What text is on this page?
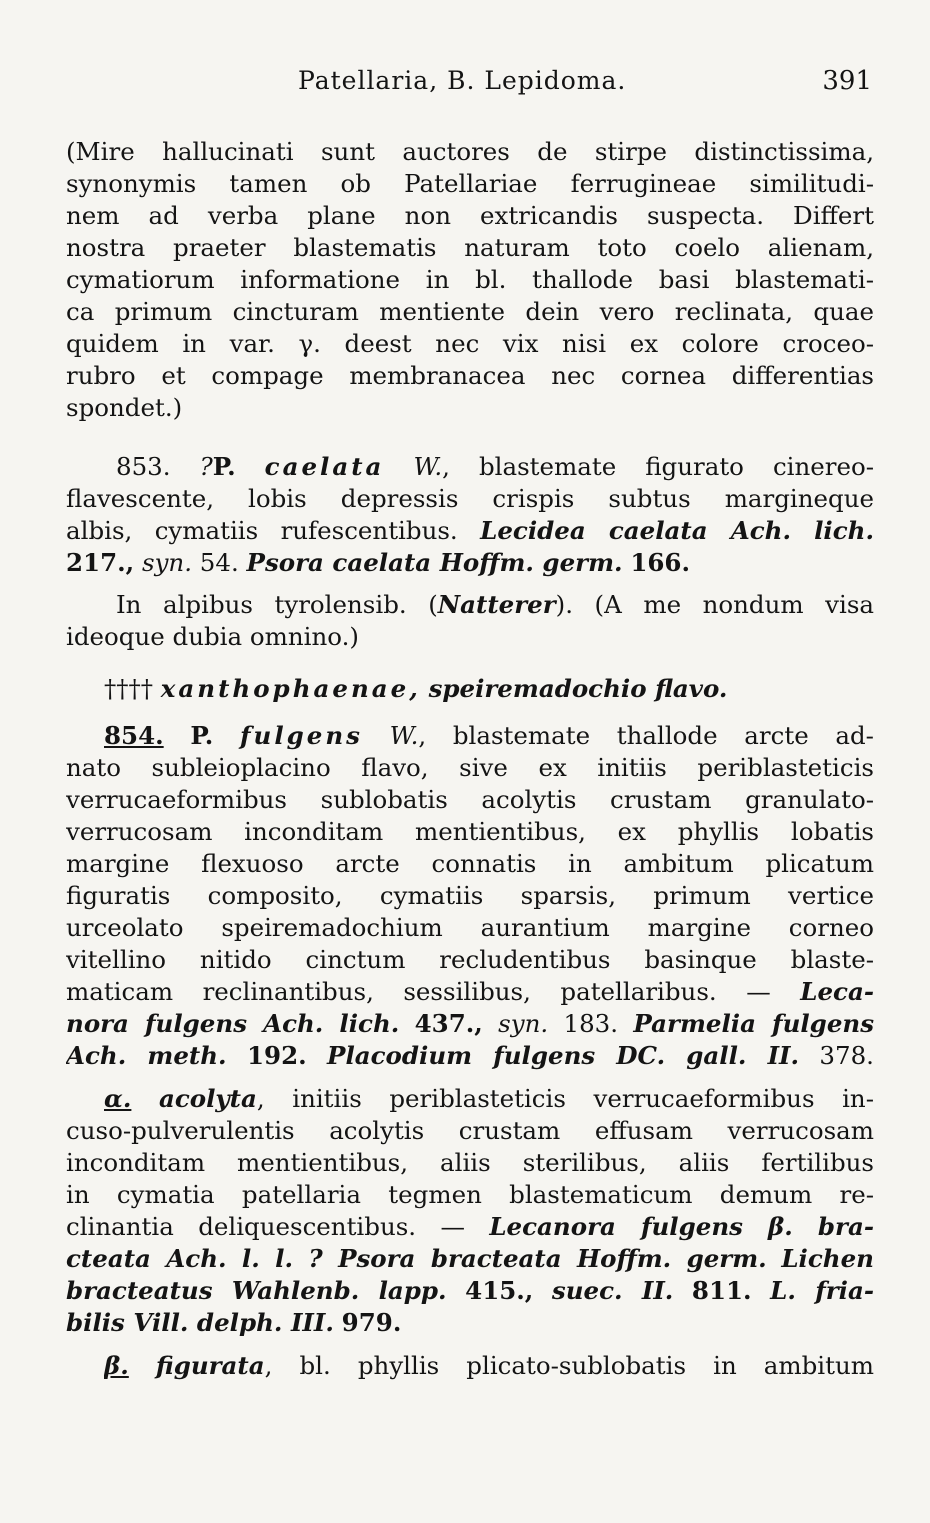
Patellaria, B. Lepidoma.	391
(Mire hallucinati sunt auctores de stirpe distinctissima,
synonymis tamen ob Patellariae ferrugineae similitudi-
nem ad verba plane non extricandis suspecta. Differt
nostra praeter blastematis naturam toto coelo alienam,
cymatiorum informatione in bl. thallode basi blastemati-
ca primum cincturam mentiente dein vero reclinata, quae
quidem in var. γ. deest nec vix nisi ex colore croceo-
rubro et compage membranacea nec cornea differentias
spondet.)
853. ?P. caelata W., blastemate figurato cinereo-
flavescente, lobis depressis crispis subtus margineque
albis, cymatiis rufescentibus. Lecidea caelata Ach. lich.
217., syn. 54. Psora caelata Hoffm. germ. 166.
In alpibus tyrolensib. (Natterer). (A me nondum visa
ideoque dubia omnino.)
†††† xanthophaenae, speiremadochio flavo.
854. P. fulgens W., blastemate thallode arcte ad-
nato subleioplacino flavo, sive ex initiis periblasteticis
verrucaeformibus sublobatis acolytis crustam granulato-
verrucosam inconditam mentientibus, ex phyllis lobatis
margine flexuoso arcte connatis in ambitum plicatum
figuratis composito, cymatiis sparsis, primum vertice
urceolato speiremadochium aurantium margine corneo
vitellino nitido cinctum recludentibus basinque blaste-
maticam reclinantibus, sessilibus, patellaribus. — Leca-
nora fulgens Ach. lich. 437., syn. 183. Parmelia fulgens
Ach. meth. 192. Placodium fulgens DC. gall. II. 378.
α. acolyta, initiis periblasteticis verrucaeformibus in-
cuso-pulverulentis acolytis crustam effusam verrucosam
inconditam mentientibus, aliis sterilibus, aliis fertilibus
in cymatia patellaria tegmen blastematicum demum re-
clinantia deliquescentibus. — Lecanora fulgens β. bra-
cteata Ach. l. l. ? Psora bracteata Hoffm. germ. Lichen
bracteatus Wahlenb. lapp. 415., suec. II. 811. L. fria-
bilis Vill. delph. III. 979.
β. figurata, bl. phyllis plicato-sublobatis in ambitum
